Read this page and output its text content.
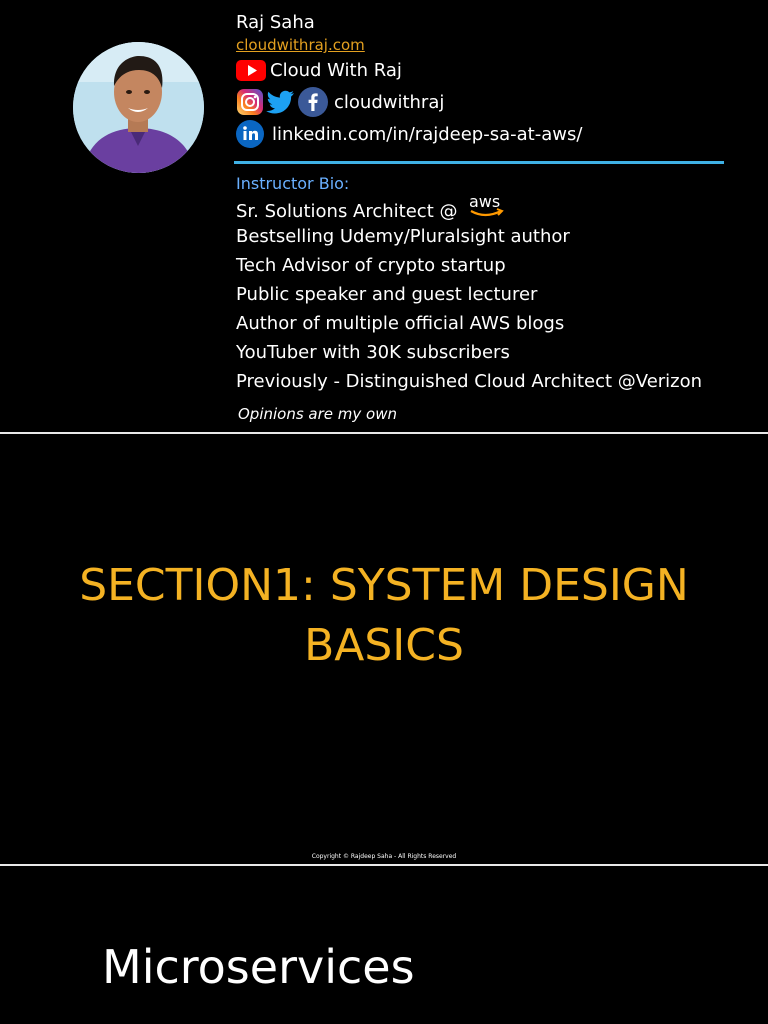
Raj Saha
cloudwithraj.com
Cloud With Raj
cloudwithraj
linkedin.com/in/rajdeep-sa-at-aws/
Instructor Bio:
Sr. Solutions Architect @ aws
Bestselling Udemy/Pluralsight author
Tech Advisor of crypto startup
Public speaker and guest lecturer
Author of multiple official AWS blogs
YouTuber with 30K subscribers
Previously - Distinguished Cloud Architect @Verizon
Opinions are my own
SECTION1: SYSTEM DESIGN
BASICS
Copyright © Rajdeep Saha - All Rights Reserved
Microservices
